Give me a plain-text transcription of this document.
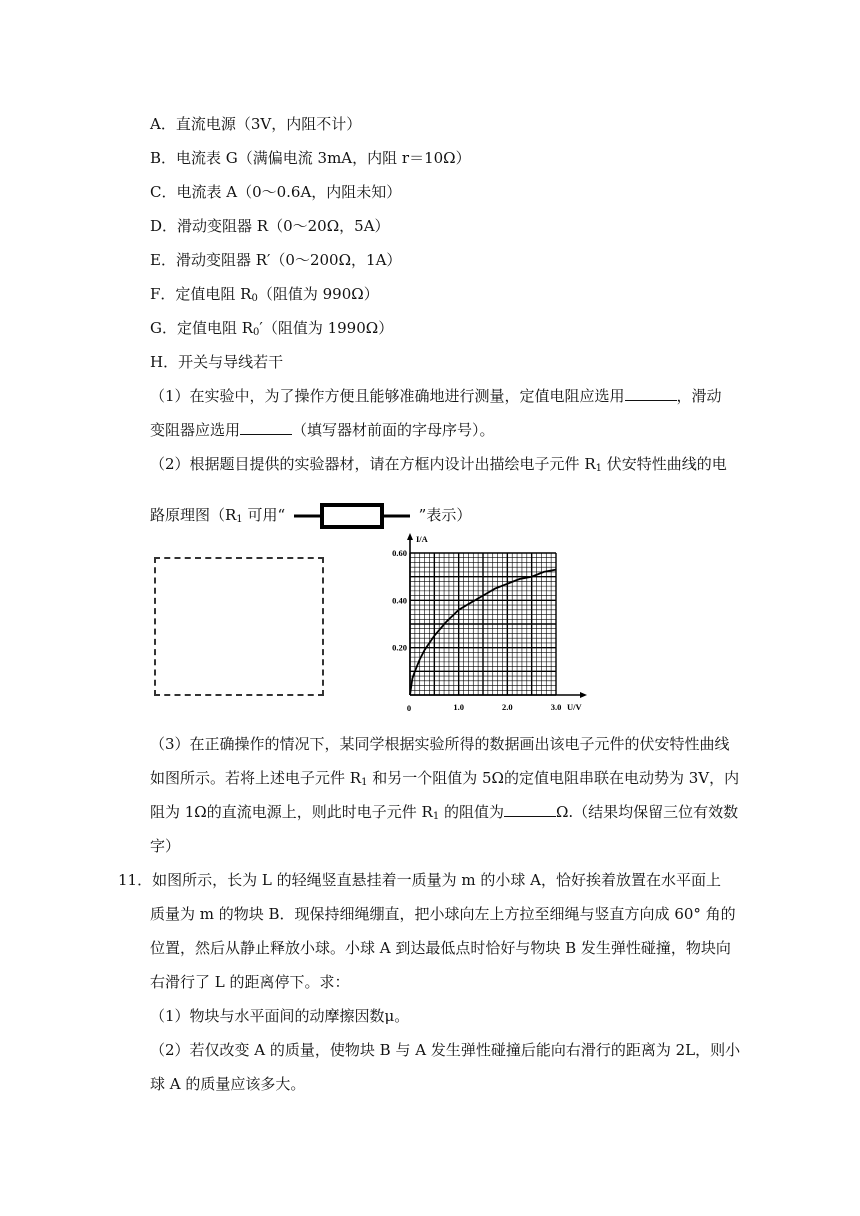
A．直流电源（3V，内阻不计）
B．电流表 G（满偏电流 3mA，内阻 r＝10Ω）
C．电流表 A（0～0.6A，内阻未知）
D．滑动变阻器 R（0～20Ω，5A）
E．滑动变阻器 R′（0～200Ω，1A）
F．定值电阻 $R_0$（阻值为 990Ω）
G．定值电阻 $R_0'$（阻值为 1990Ω）
H．开关与导线若干
（1）在实验中，为了操作方便且能够准确地进行测量，定值电阻应选用	，滑动
变阻器应选用	（填写器材前面的字母序号）。
（2）根据题目提供的实验器材，请在方框内设计出描绘电子元件 $R_1$ 伏安特性曲线的电
路原理图（$R_1$ 可用“	”表示）
I/A
U/V
0	1.0	2.0	3.0
0.20
0.40
0.60
（3）在正确操作的情况下，某同学根据实验所得的数据画出该电子元件的伏安特性曲线
如图所示。若将上述电子元件 $R_1$ 和另一个阻值为 5Ω的定值电阻串联在电动势为 3V，内
阻为 1Ω的直流电源上，则此时电子元件 $R_1$ 的阻值为	Ω.（结果均保留三位有效数
字）
11．如图所示，长为 L 的轻绳竖直悬挂着一质量为 m 的小球 A，恰好挨着放置在水平面上
质量为 m 的物块 B．现保持细绳绷直，把小球向左上方拉至细绳与竖直方向成 60° 角的
位置，然后从静止释放小球。小球 A 到达最低点时恰好与物块 B 发生弹性碰撞，物块向
右滑行了 L 的距离停下。求：
（1）物块与水平面间的动摩擦因数μ。
（2）若仅改变 A 的质量，使物块 B 与 A 发生弹性碰撞后能向右滑行的距离为 2L，则小
球 A 的质量应该多大。
